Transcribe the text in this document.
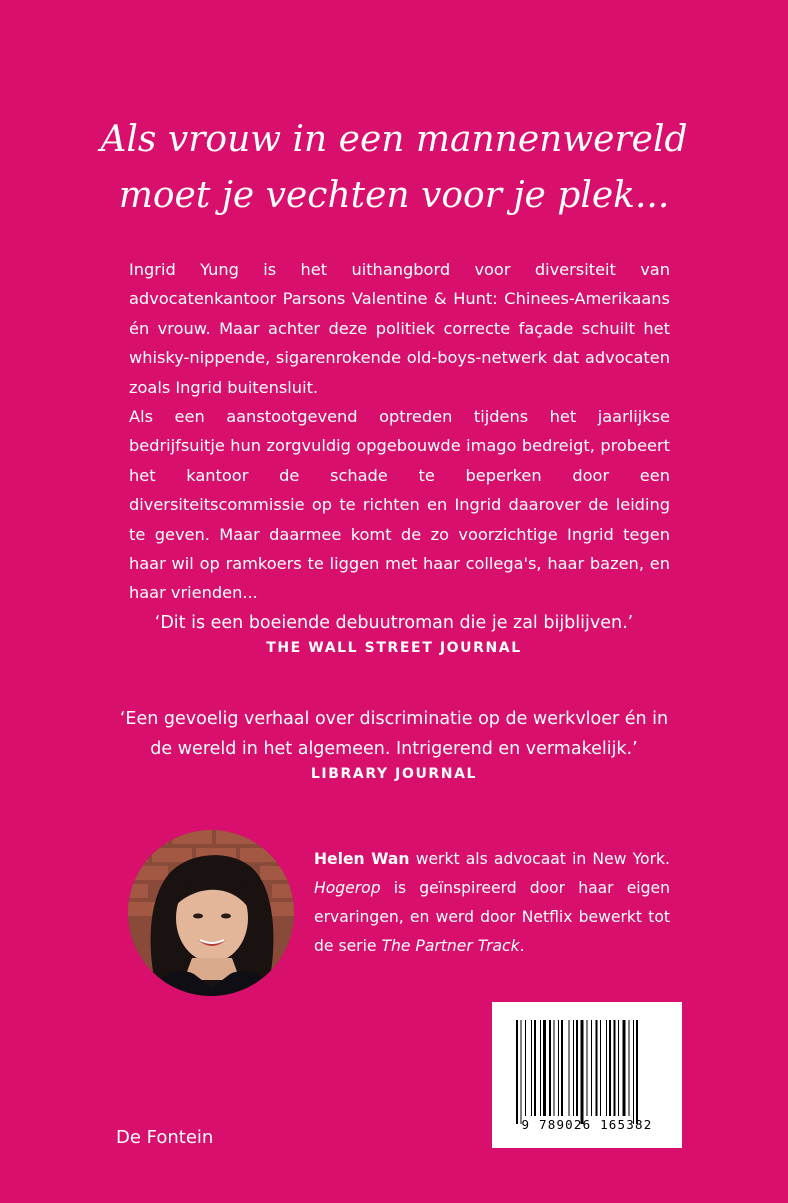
Als vrouw in een mannenwereld
moet je vechten voor je plek...

Ingrid Yung is het uithangbord voor diversiteit van advocatenkantoor Parsons Valentine & Hunt: Chinees-Amerikaans én vrouw. Maar achter deze politiek correcte façade schuilt het whisky-nippende, sigarenrokende old-boys-netwerk dat advocaten zoals Ingrid buitensluit.

Als een aanstootgevend optreden tijdens het jaarlijkse bedrijfsuitje hun zorgvuldig opgebouwde imago bedreigt, probeert het kantoor de schade te beperken door een diversiteitscommissie op te richten en Ingrid daarover de leiding te geven. Maar daarmee komt de zo voorzichtige Ingrid tegen haar wil op ramkoers te liggen met haar collega's, haar bazen, en haar vrienden...

‘Dit is een boeiende debuutroman die je zal bijblijven.’
THE WALL STREET JOURNAL
‘Een gevoelig verhaal over discriminatie op de werkvloer én in de wereld in het algemeen. Intrigerend en vermakelijk.’
LIBRARY JOURNAL
Helen Wan werkt als advocaat in New York. Hogerop is geïnspireerd door haar eigen ervaringen, en werd door Netflix bewerkt tot de serie The Partner Track.
9 789026 165382
De Fontein
